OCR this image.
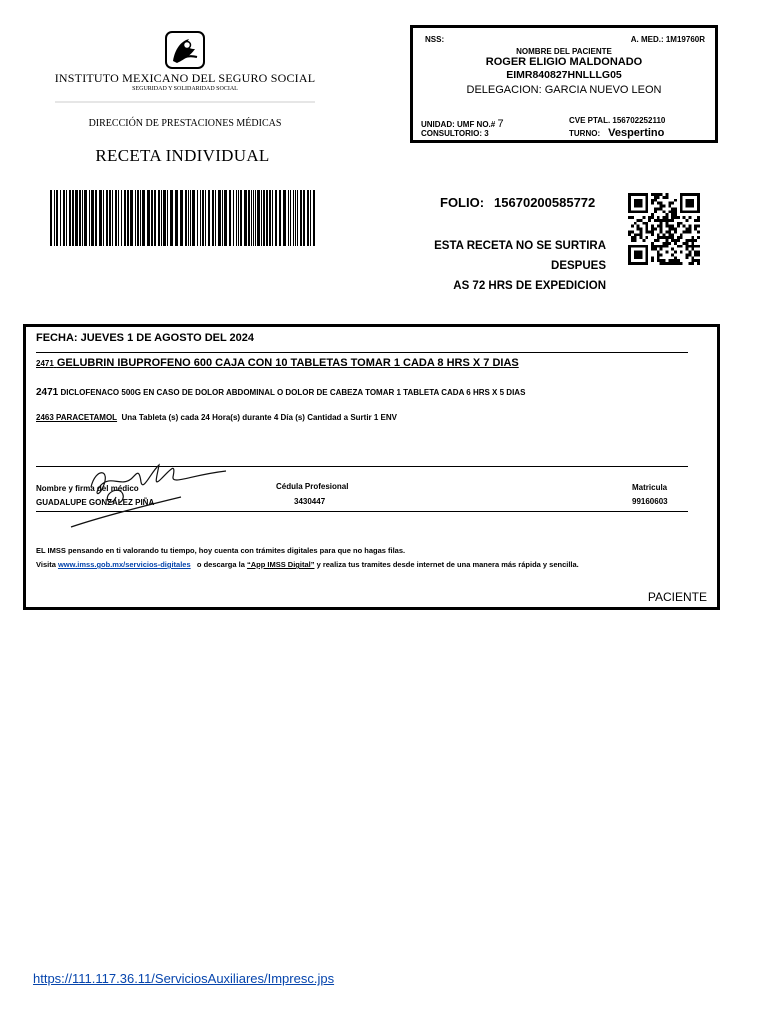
INSTITUTO MEXICANO DEL SEGURO SOCIAL
SEGURIDAD Y SOLIDARIDAD SOCIAL
DIRECCIÓN DE PRESTACIONES MÉDICAS
RECETA INDIVIDUAL
NSS:	A. MED.: 1M19760R
NOMBRE DEL PACIENTE
ROGER ELIGIO MALDONADO
EIMR840827HNLLLG05
DELEGACION: GARCIA NUEVO LEON
UNIDAD: UMF NO.# 7
CONSULTORIO: 3
CVE PTAL. 156702252110
TURNO: Vespertino
FOLIO: 15670200585772
ESTA RECETA NO SE SURTIRA DESPUES
AS 72 HRS DE EXPEDICION
FECHA: JUEVES 1 DE AGOSTO DEL 2024
2471 GELUBRIN IBUPROFENO 600 CAJA CON 10 TABLETAS TOMAR 1 CADA 8 HRS X 7 DIAS
2471 DICLOFENACO 500G EN CASO DE DOLOR ABDOMINAL O DOLOR DE CABEZA TOMAR 1 TABLETA CADA 6 HRS X 5 DIAS
2463 PARACETAMOL Una Tableta (s) cada 24 Hora(s) durante 4 Día (s) Cantidad a Surtir 1 ENV
Nombre y firma del médico
GUADALUPE GONZALEZ PIÑA
Cédula Profesional
3430447
Matricula
99160603
EL IMSS pensando en ti valorando tu tiempo, hoy cuenta con trámites digitales para que no hagas filas.
Visita www.imss.gob.mx/servicios-digitales o descarga la “App IMSS Digital” y realiza tus tramites desde internet de una manera más rápida y sencilla.
PACIENTE
https://111.117.36.11/ServiciosAuxiliares/Impresc.jps
